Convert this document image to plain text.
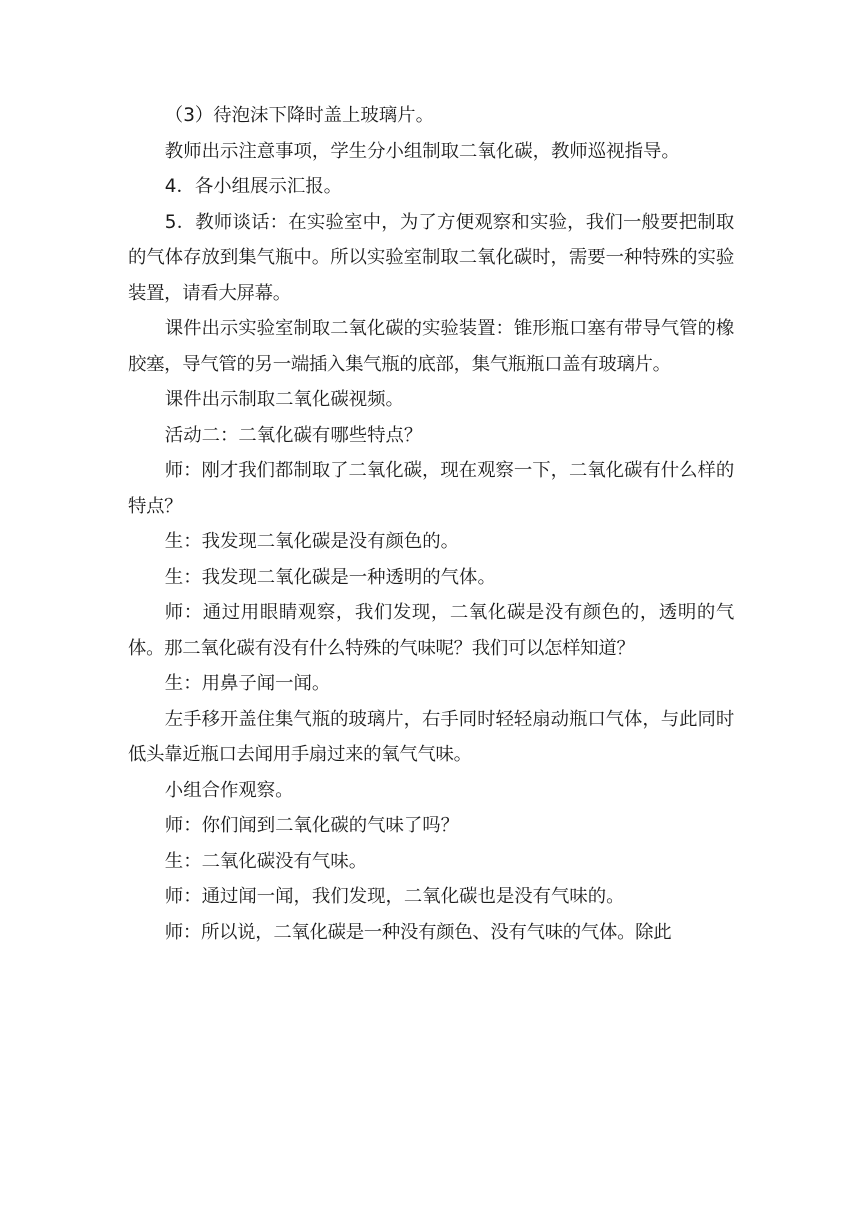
（3）待泡沫下降时盖上玻璃片。

教师出示注意事项，学生分小组制取二氧化碳，教师巡视指导。

4．各小组展示汇报。

5．教师谈话：在实验室中，为了方便观察和实验，我们一般要把制取的气体存放到集气瓶中。所以实验室制取二氧化碳时，需要一种特殊的实验装置，请看大屏幕。

课件出示实验室制取二氧化碳的实验装置：锥形瓶口塞有带导气管的橡胶塞，导气管的另一端插入集气瓶的底部，集气瓶瓶口盖有玻璃片。

课件出示制取二氧化碳视频。

活动二：二氧化碳有哪些特点？

师：刚才我们都制取了二氧化碳，现在观察一下，二氧化碳有什么样的特点？

生：我发现二氧化碳是没有颜色的。

生：我发现二氧化碳是一种透明的气体。

师：通过用眼睛观察，我们发现，二氧化碳是没有颜色的，透明的气体。那二氧化碳有没有什么特殊的气味呢？我们可以怎样知道？

生：用鼻子闻一闻。

左手移开盖住集气瓶的玻璃片，右手同时轻轻扇动瓶口气体，与此同时低头靠近瓶口去闻用手扇过来的氧气气味。

小组合作观察。

师：你们闻到二氧化碳的气味了吗？

生：二氧化碳没有气味。

师：通过闻一闻，我们发现，二氧化碳也是没有气味的。

师：所以说，二氧化碳是一种没有颜色、没有气味的气体。除此
